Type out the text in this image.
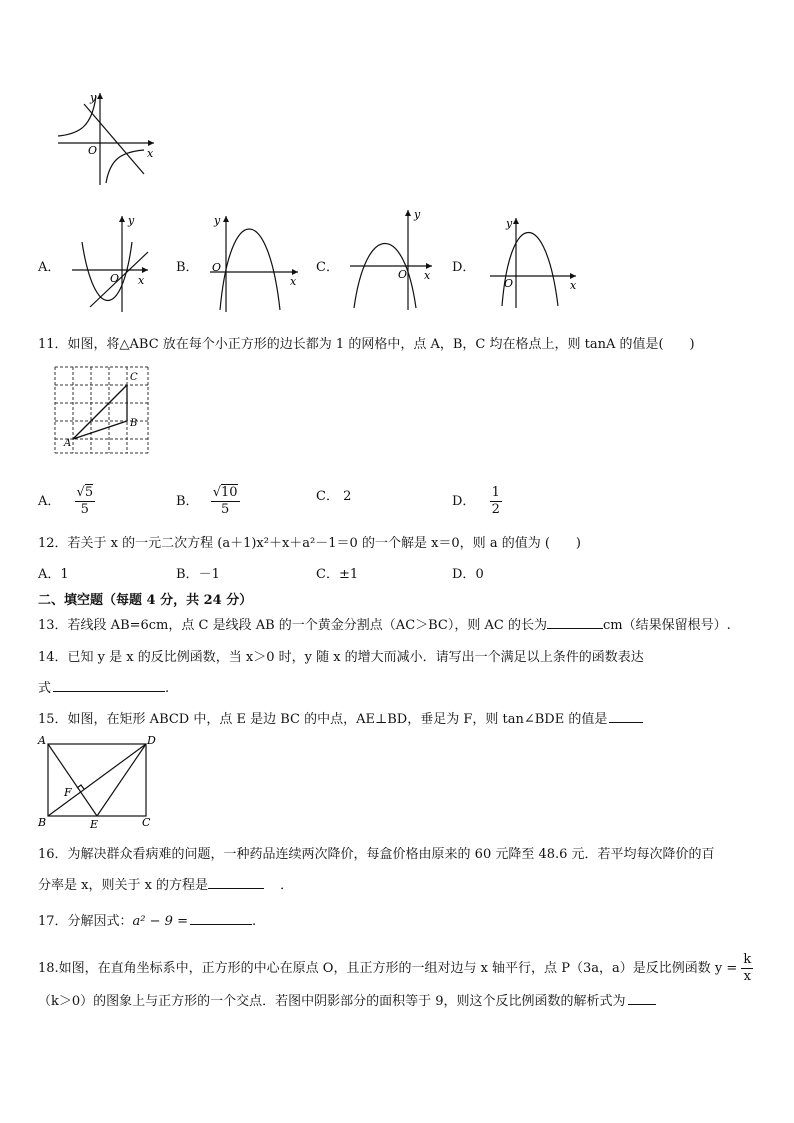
y
x
O
A．
y
x
O
B．
y
x
O	C．
y
x
O	D．
y
x
O
11．如图，将△ABC 放在每个小正方形的边长都为 1 的网格中，点 A，B，C 均在格点上，则 tanA 的值是(　　)
A
B
C
A． $\frac{√5}{5}$	B． $\frac{√10}{5}$	C． 2	D． $\frac{1}{2}$
12．若关于 x 的一元二次方程 (a＋1)x²＋x＋a²－1＝0 的一个解是 x＝0，则 a 的值为 (　　)
A．1	B．－1	C．±1	D．0
二、填空题（每题 4 分，共 24 分）
13．若线段 AB=6cm，点 C 是线段 AB 的一个黄金分割点（AC＞BC），则 AC 的长为	cm（结果保留根号）.
14．已知 y 是 x 的反比例函数，当 x＞0 时，y 随 x 的增大而减小．请写出一个满足以上条件的函数表达
式	.
15．如图，在矩形 ABCD 中，点 E 是边 BC 的中点，AE⊥BD，垂足为 F，则 tan∠BDE 的值是
A	D
B	C
E
F
16．为解决群众看病难的问题，一种药品连续两次降价，每盒价格由原来的 60 元降至 48.6 元．若平均每次降价的百
分率是 x，则关于 x 的方程是	．
17．分解因式：a² − 9 =	.
18.如图，在直角坐标系中，正方形的中心在原点 O，且正方形的一组对边与 x 轴平行，点 P（3a，a）是反比例函数 $y = \frac{k}{x}$
（k＞0）的图象上与正方形的一个交点．若图中阴影部分的面积等于 9，则这个反比例函数的解析式为
